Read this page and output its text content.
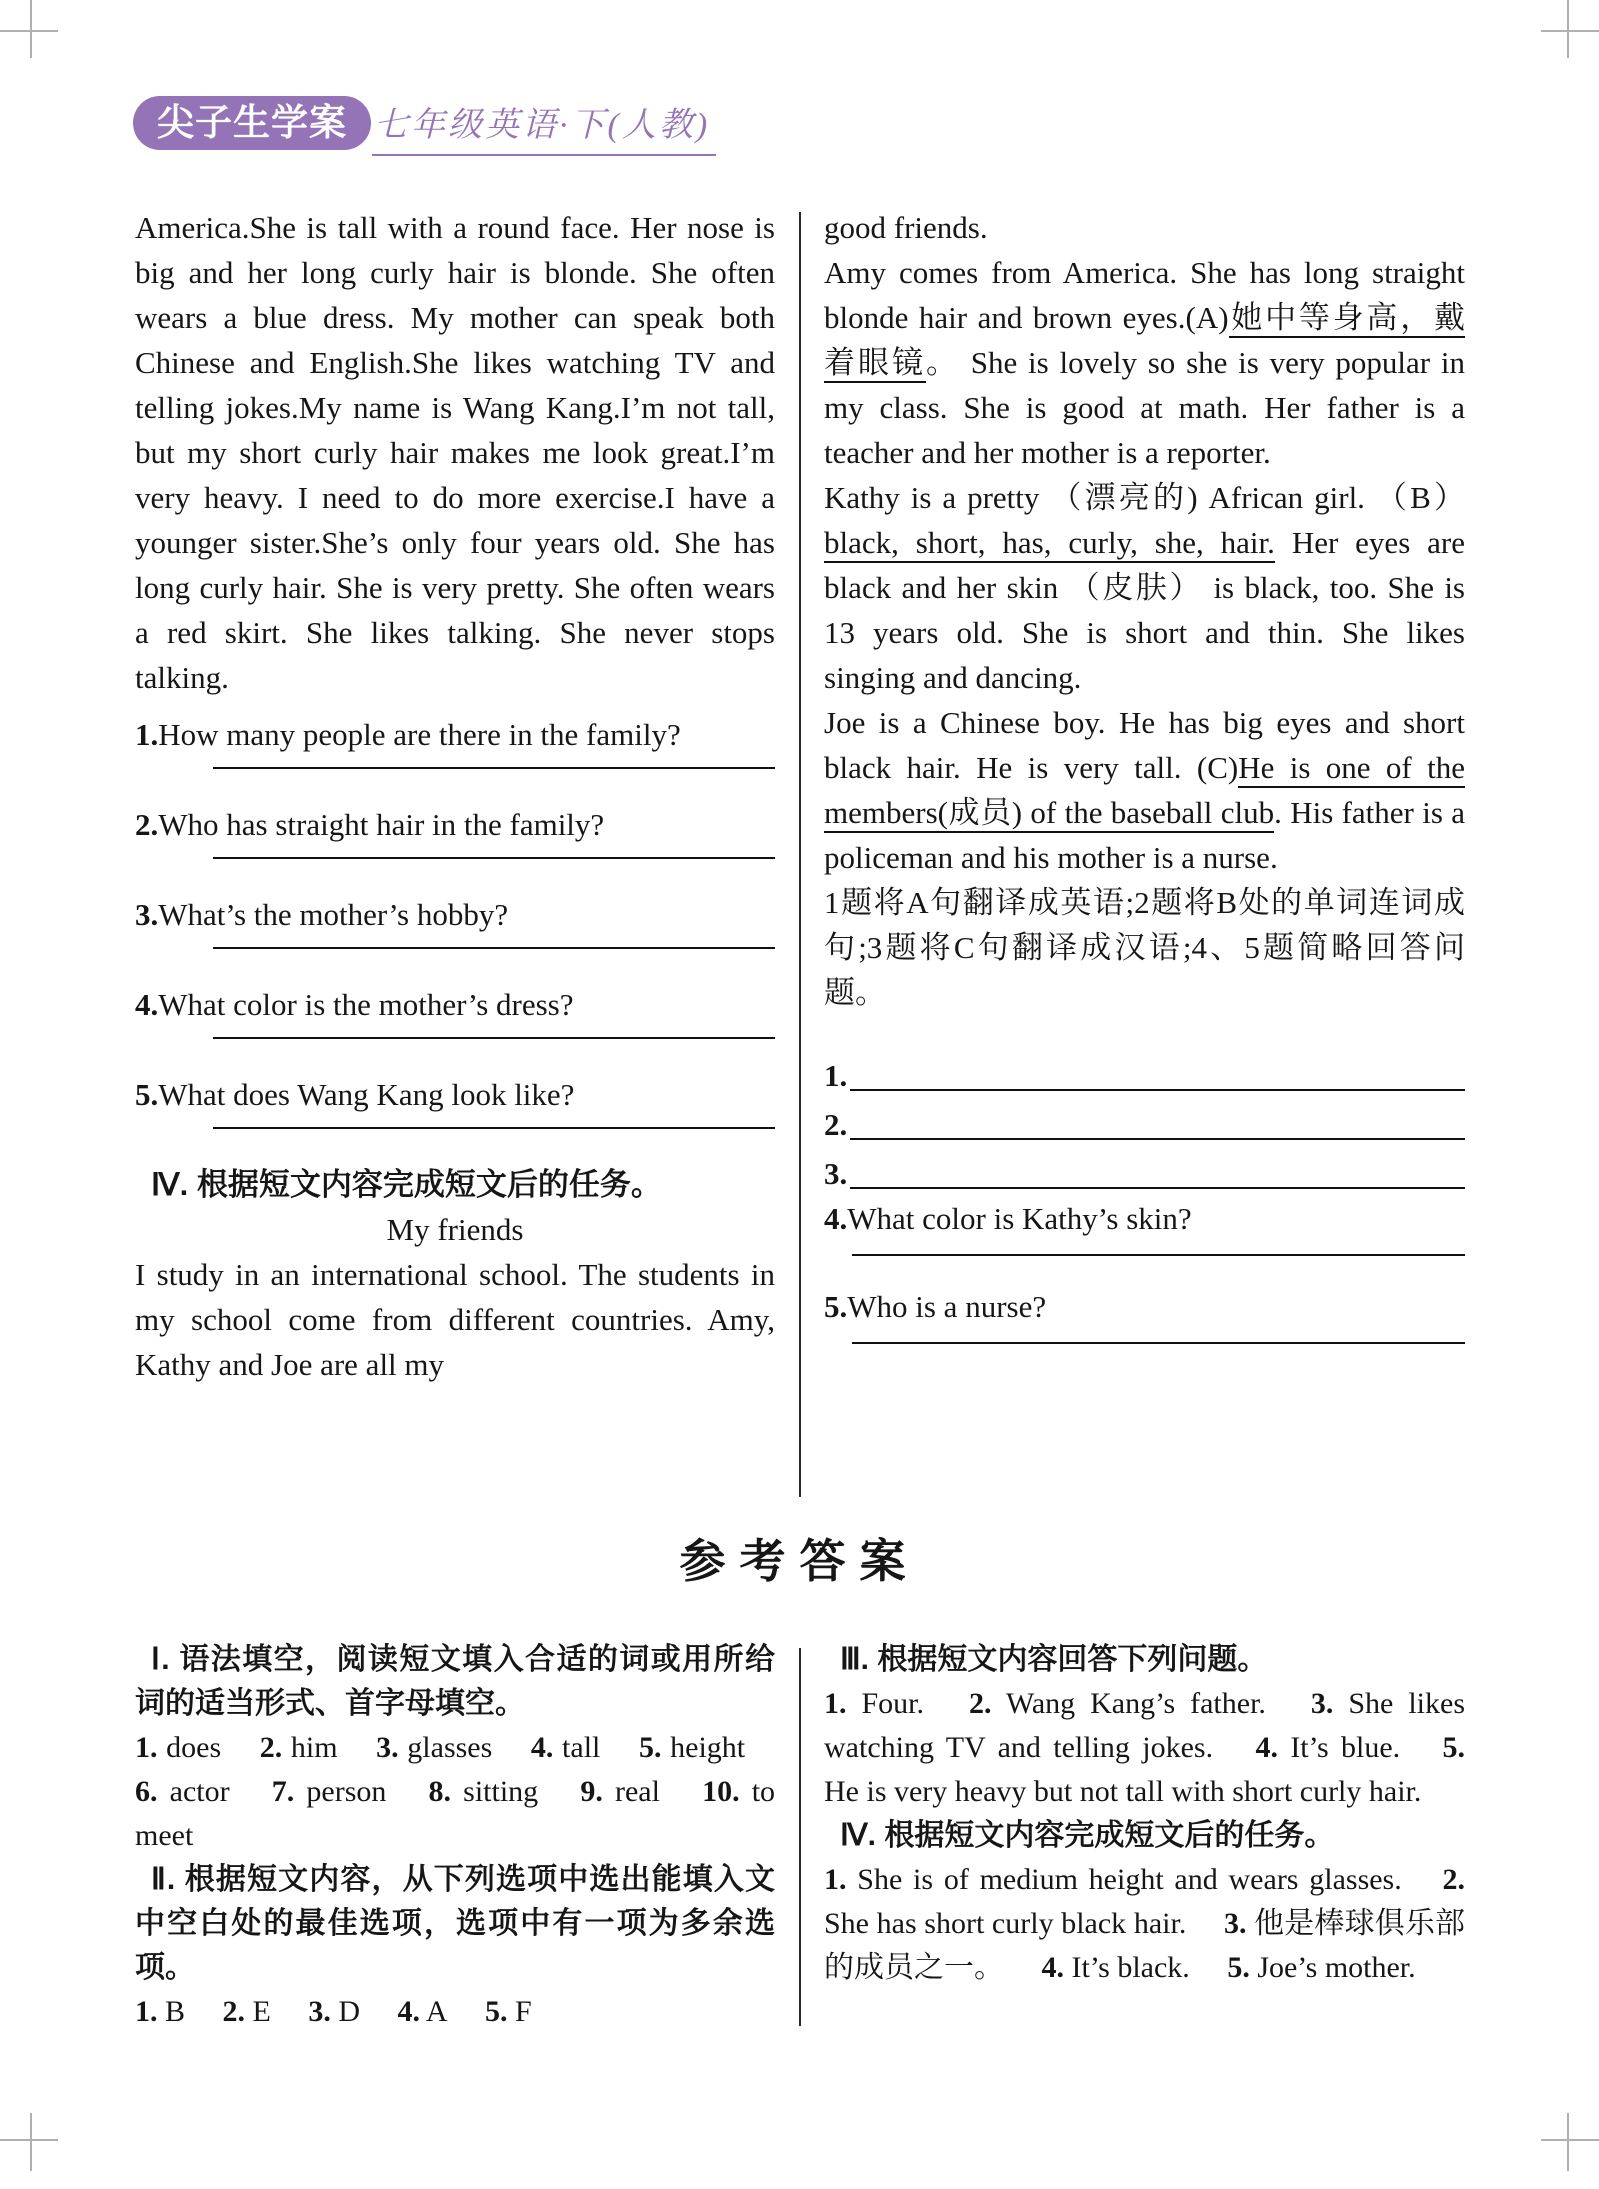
尖子生学案 七年级英语·下(人教)

America.She is tall with a round face. Her nose is big and her long curly hair is blonde. She often wears a blue dress. My mother can speak both Chinese and English.She likes watching TV and telling jokes.My name is Wang Kang.I’m not tall, but my short curly hair makes me look great.I’m very heavy. I need to do more exercise.I have a younger sister.She’s only four years old. She has long curly hair. She is very pretty. She often wears a red skirt. She likes talking. She never stops talking.

1.How many people are there in the family?
2.Who has straight hair in the family?
3.What’s the mother’s hobby?
4.What color is the mother’s dress?
5.What does Wang Kang look like?
Ⅳ. 根据短文内容完成短文后的任务。
My friends

I study in an international school. The students in my school come from different countries. Amy, Kathy and Joe are all my

good friends.

Amy comes from America. She has long straight blonde hair and brown eyes.(A)她中等身高，戴着眼镜。 She is lovely so she is very popular in my class. She is good at math. Her father is a teacher and her mother is a reporter.

Kathy is a pretty （漂亮的) African girl. （B） black, short, has, curly, she, hair. Her eyes are black and her skin （皮肤） is black, too. She is 13 years old. She is short and thin. She likes singing and dancing.

Joe is a Chinese boy. He has big eyes and short black hair. He is very tall. (C)He is one of the members(成员) of the baseball club. His father is a policeman and his mother is a nurse.

1题将A句翻译成英语;2题将B处的单词连词成句;3题将C句翻译成汉语;4、5题简略回答问题。

1.
2.
3.
4.What color is Kathy’s skin?
5.Who is a nurse?
参考答案
Ⅰ. 语法填空，阅读短文填入合适的词或用所给词的适当形式、首字母填空。

1. does 2. him 3. glasses 4. tall 5. height 6. actor 7. person 8. sitting 9. real 10. to meet

Ⅱ. 根据短文内容，从下列选项中选出能填入文中空白处的最佳选项，选项中有一项为多余选项。

1. B 2. E 3. D 4. A 5. F

Ⅲ. 根据短文内容回答下列问题。

1. Four. 2. Wang Kang’s father. 3. She likes watching TV and telling jokes. 4. It’s blue. 5. He is very heavy but not tall with short curly hair.

Ⅳ. 根据短文内容完成短文后的任务。

1. She is of medium height and wears glasses. 2. She has short curly black hair. 3. 他是棒球俱乐部的成员之一。 4. It’s black. 5. Joe’s mother.
